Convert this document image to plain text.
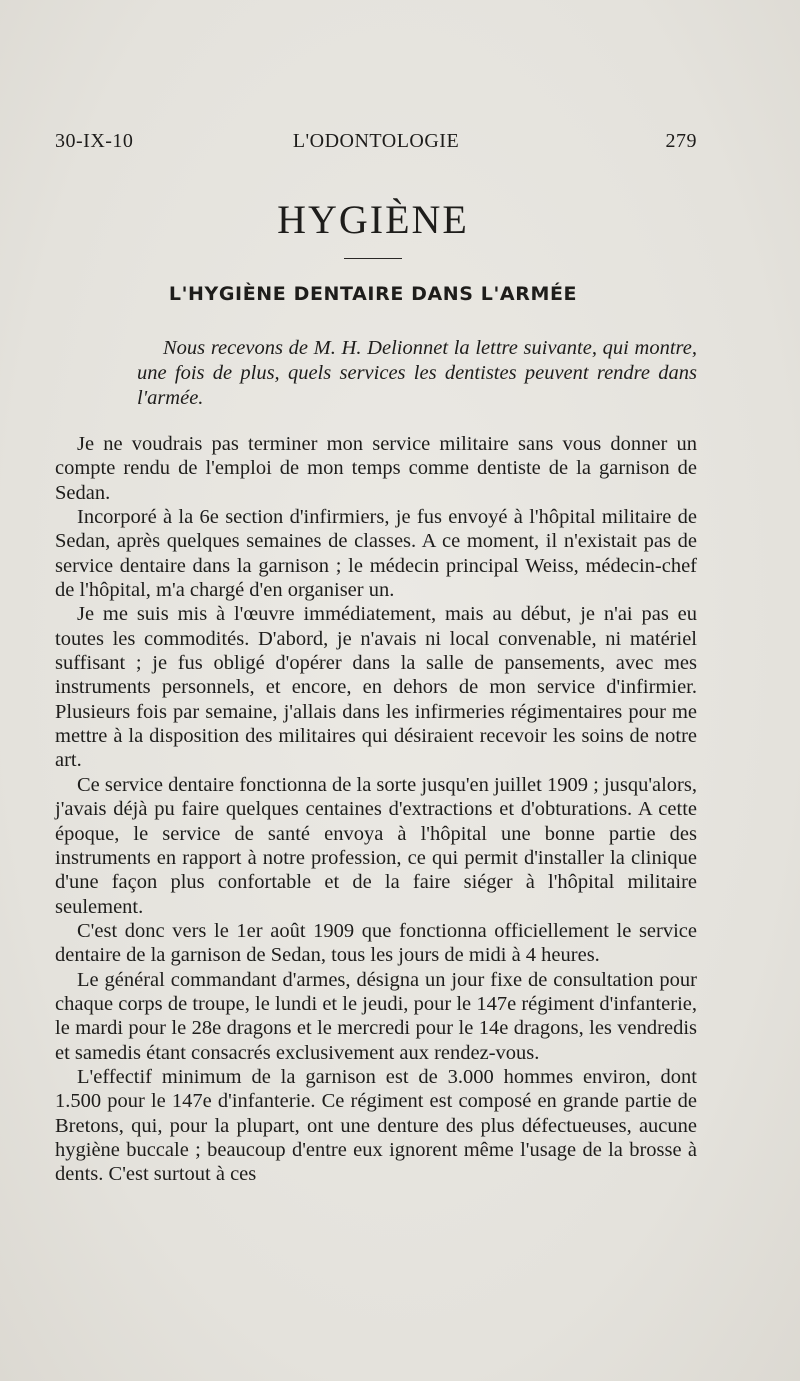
30-IX-10	L'ODONTOLOGIE	279
HYGIÈNE
L'HYGIÈNE DENTAIRE DANS L'ARMÉE

Nous recevons de M. H. Delionnet la lettre suivante, qui montre, une fois de plus, quels services les dentistes peuvent rendre dans l'armée.

Je ne voudrais pas terminer mon service militaire sans vous donner un compte rendu de l'emploi de mon temps comme dentiste de la garnison de Sedan.

Incorporé à la 6e section d'infirmiers, je fus envoyé à l'hôpital militaire de Sedan, après quelques semaines de classes. A ce moment, il n'existait pas de service dentaire dans la garnison ; le médecin principal Weiss, médecin-chef de l'hôpital, m'a chargé d'en organiser un.

Je me suis mis à l'œuvre immédiatement, mais au début, je n'ai pas eu toutes les commodités. D'abord, je n'avais ni local convenable, ni matériel suffisant ; je fus obligé d'opérer dans la salle de pansements, avec mes instruments personnels, et encore, en dehors de mon service d'infirmier. Plusieurs fois par semaine, j'allais dans les infirmeries régimentaires pour me mettre à la disposition des militaires qui désiraient recevoir les soins de notre art.

Ce service dentaire fonctionna de la sorte jusqu'en juillet 1909 ; jusqu'alors, j'avais déjà pu faire quelques centaines d'extractions et d'obturations. A cette époque, le service de santé envoya à l'hôpital une bonne partie des instruments en rapport à notre profession, ce qui permit d'installer la clinique d'une façon plus confortable et de la faire siéger à l'hôpital militaire seulement.

C'est donc vers le 1er août 1909 que fonctionna officiellement le service dentaire de la garnison de Sedan, tous les jours de midi à 4 heures.

Le général commandant d'armes, désigna un jour fixe de consultation pour chaque corps de troupe, le lundi et le jeudi, pour le 147e régiment d'infanterie, le mardi pour le 28e dragons et le mercredi pour le 14e dragons, les vendredis et samedis étant consacrés exclusivement aux rendez-vous.

L'effectif minimum de la garnison est de 3.000 hommes environ, dont 1.500 pour le 147e d'infanterie. Ce régiment est composé en grande partie de Bretons, qui, pour la plupart, ont une denture des plus défectueuses, aucune hygiène buccale ; beaucoup d'entre eux ignorent même l'usage de la brosse à dents. C'est surtout à ces
